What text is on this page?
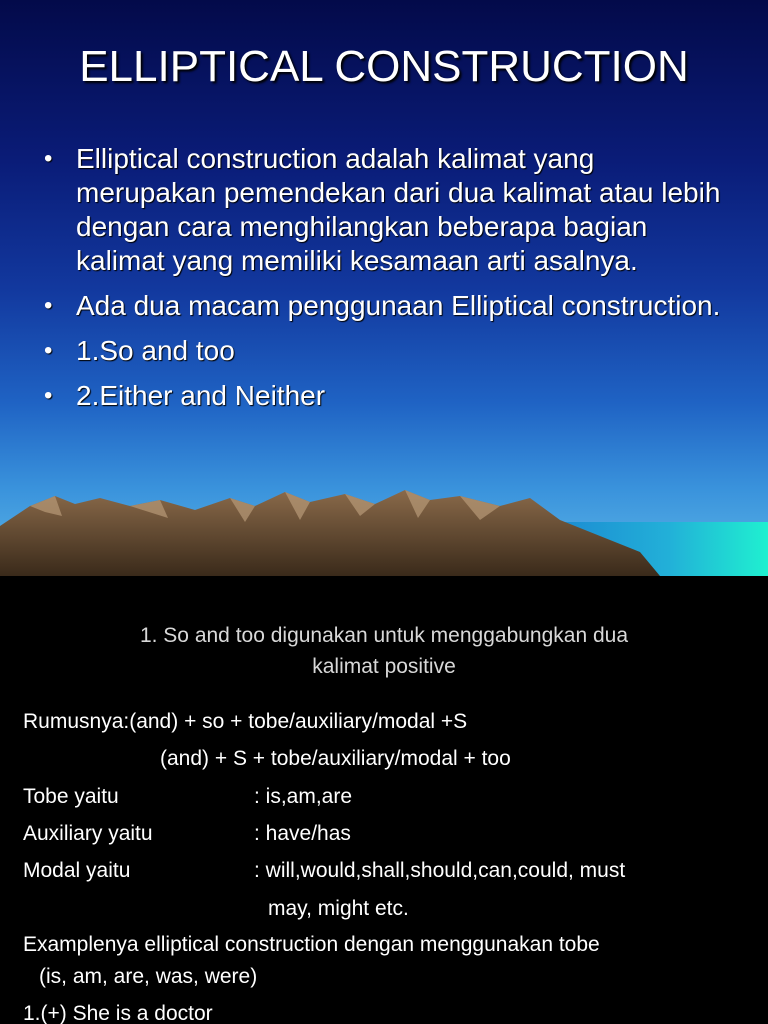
ELLIPTICAL CONSTRUCTION
• Elliptical construction adalah kalimat yang merupakan pemendekan dari dua kalimat atau lebih dengan cara menghilangkan beberapa bagian kalimat yang memiliki kesamaan arti asalnya.
• Ada dua macam penggunaan Elliptical construction.
• 1.So and too
• 2.Either and Neither
1. So and too digunakan untuk menggabungkan dua
kalimat positive
Rumusnya:(and) + so + tobe/auxiliary/modal +S
(and) + S + tobe/auxiliary/modal + too
Tobe yaitu	: is,am,are
Auxiliary yaitu	: have/has
Modal yaitu	: will,would,shall,should,can,could, must
may, might etc.
Examplenya elliptical construction dengan menggunakan tobe
(is, am, are, was, were)
1.(+) She is a doctor
